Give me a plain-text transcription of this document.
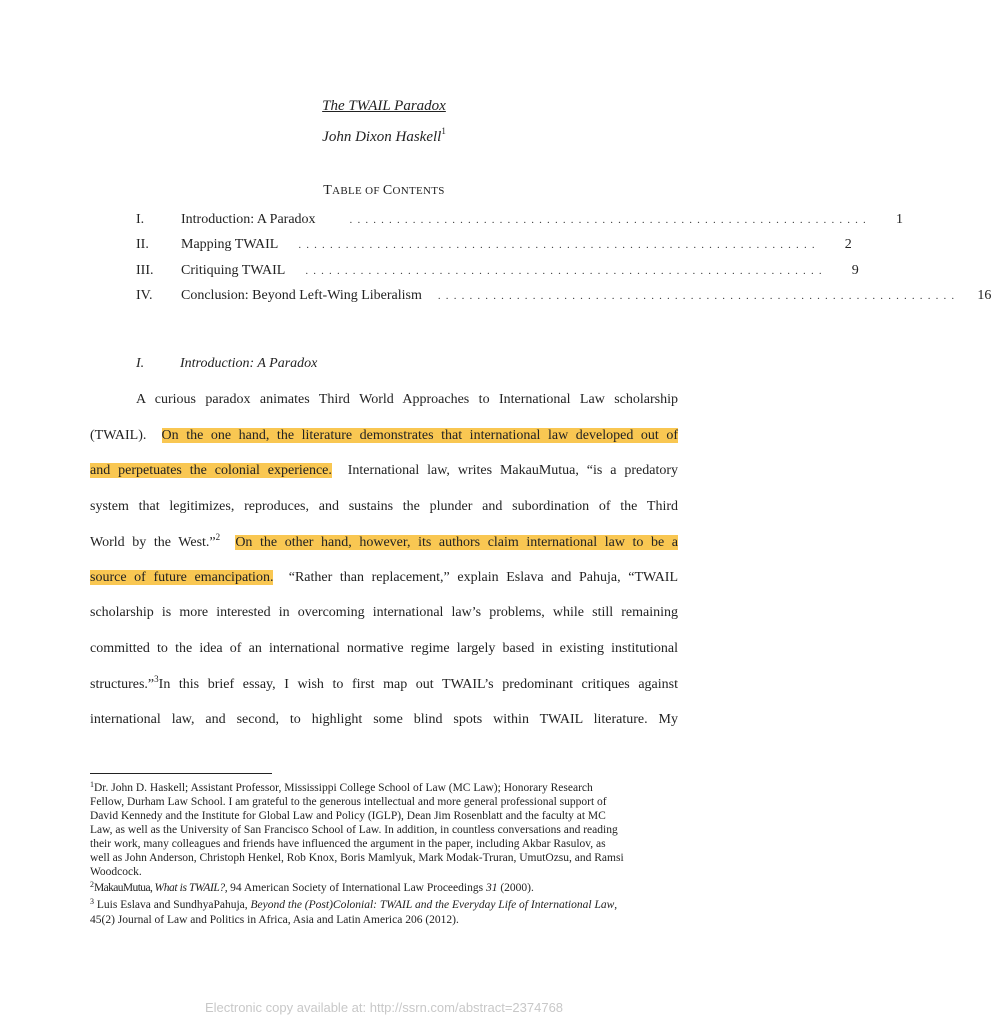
The TWAIL Paradox
John Dixon Haskell$^1$
TABLE OF CONTENTS
I.	Introduction: A Paradox	. . . . . . . . . . . . . . . . . . . . . . . . . . . . . . . . . . . . . . . . . . . . . . . . . . . . . . . . . . . . . . . . . .	1
II.	Mapping TWAIL	. . . . . . . . . . . . . . . . . . . . . . . . . . . . . . . . . . . . . . . . . . . . . . . . . . . . . . . . . . . . . . . . . .	2
III.	Critiquing TWAIL	. . . . . . . . . . . . . . . . . . . . . . . . . . . . . . . . . . . . . . . . . . . . . . . . . . . . . . . . . . . . . . . . . .	9
IV.	Conclusion: Beyond Left-Wing Liberalism	. . . . . . . . . . . . . . . . . . . . . . . . . . . . . . . . . . . . . . . . . . . . . . . . . . . . . . . . . . . . . . . . . .	16
I.	Introduction: A Paradox
A curious paradox animates Third World Approaches to International Law scholarship
(TWAIL). On the one hand, the literature demonstrates that international law developed out of
and perpetuates the colonial experience. International law, writes MakauMutua, “is a predatory
system that legitimizes, reproduces, and sustains the plunder and subordination of the Third
World by the West.”$^2$ On the other hand, however, its authors claim international law to be a
source of future emancipation. “Rather than replacement,” explain Eslava and Pahuja, “TWAIL
scholarship is more interested in overcoming international law’s problems, while still remaining
committed to the idea of an international normative regime largely based in existing institutional
structures.”$^3$In this brief essay, I wish to first map out TWAIL’s predominant critiques against
international law, and second, to highlight some blind spots within TWAIL literature. My
$^1$Dr. John D. Haskell; Assistant Professor, Mississippi College School of Law (MC Law); Honorary Research
Fellow, Durham Law School. I am grateful to the generous intellectual and more general professional support of
David Kennedy and the Institute for Global Law and Policy (IGLP), Dean Jim Rosenblatt and the faculty at MC
Law, as well as the University of San Francisco School of Law. In addition, in countless conversations and reading
their work, many colleagues and friends have influenced the argument in the paper, including Akbar Rasulov, as
well as John Anderson, Christoph Henkel, Rob Knox, Boris Mamlyuk, Mark Modak-Truran, UmutOzsu, and Ramsi
Woodcock.
$^2$MakauMutua, What is TWAIL?, 94 American Society of International Law Proceedings 31 (2000).
$^3$ Luis Eslava and SundhyaPahuja, Beyond the (Post)Colonial: TWAIL and the Everyday Life of International Law,
45(2) Journal of Law and Politics in Africa, Asia and Latin America 206 (2012).
Electronic copy available at: http://ssrn.com/abstract=2374768
